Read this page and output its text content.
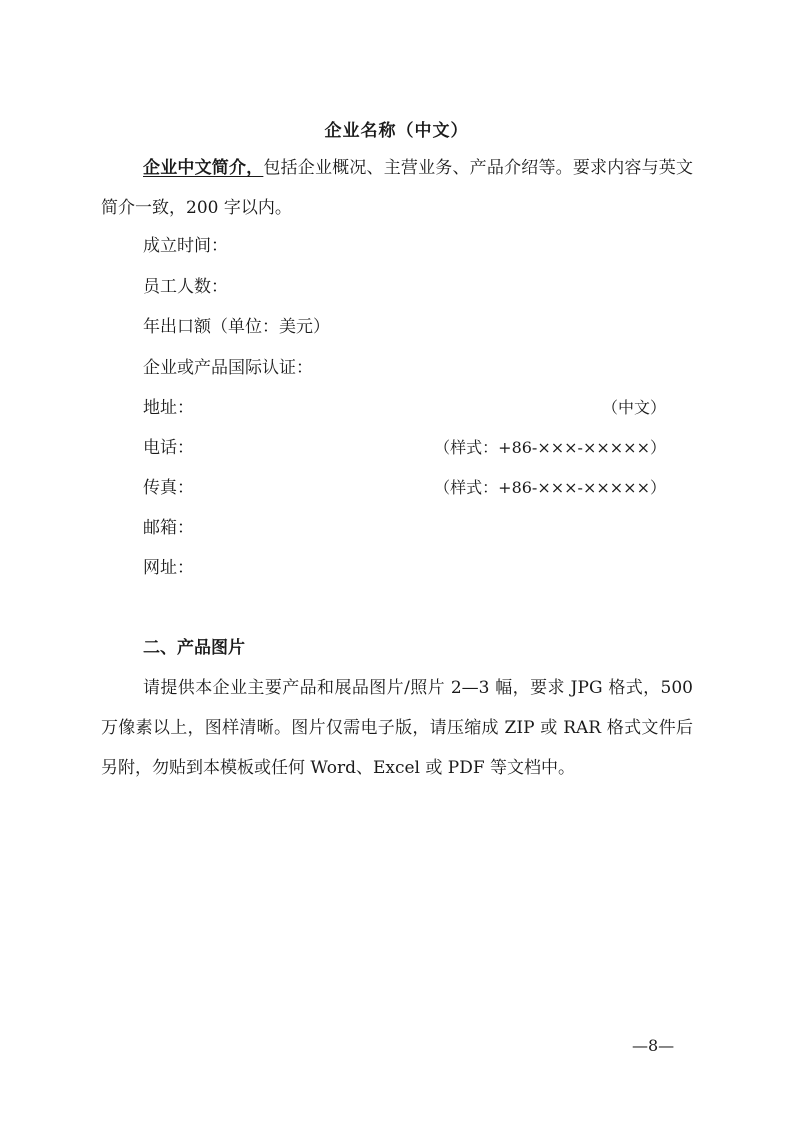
企业名称（中文）

企业中文简介，包括企业概况、主营业务、产品介绍等。要求内容与英文简介一致，200 字以内。

成立时间：
员工人数：
年出口额（单位：美元）
企业或产品国际认证：
地址：	（中文）
电话：	（样式：+86-×××-×××××）
传真：	（样式：+86-×××-×××××）
邮箱：
网址：
二、产品图片

请提供本企业主要产品和展品图片/照片 2—3 幅，要求 JPG 格式，500 万像素以上，图样清晰。图片仅需电子版，请压缩成 ZIP 或 RAR 格式文件后另附，勿贴到本模板或任何 Word、Excel 或 PDF 等文档中。

—8—
